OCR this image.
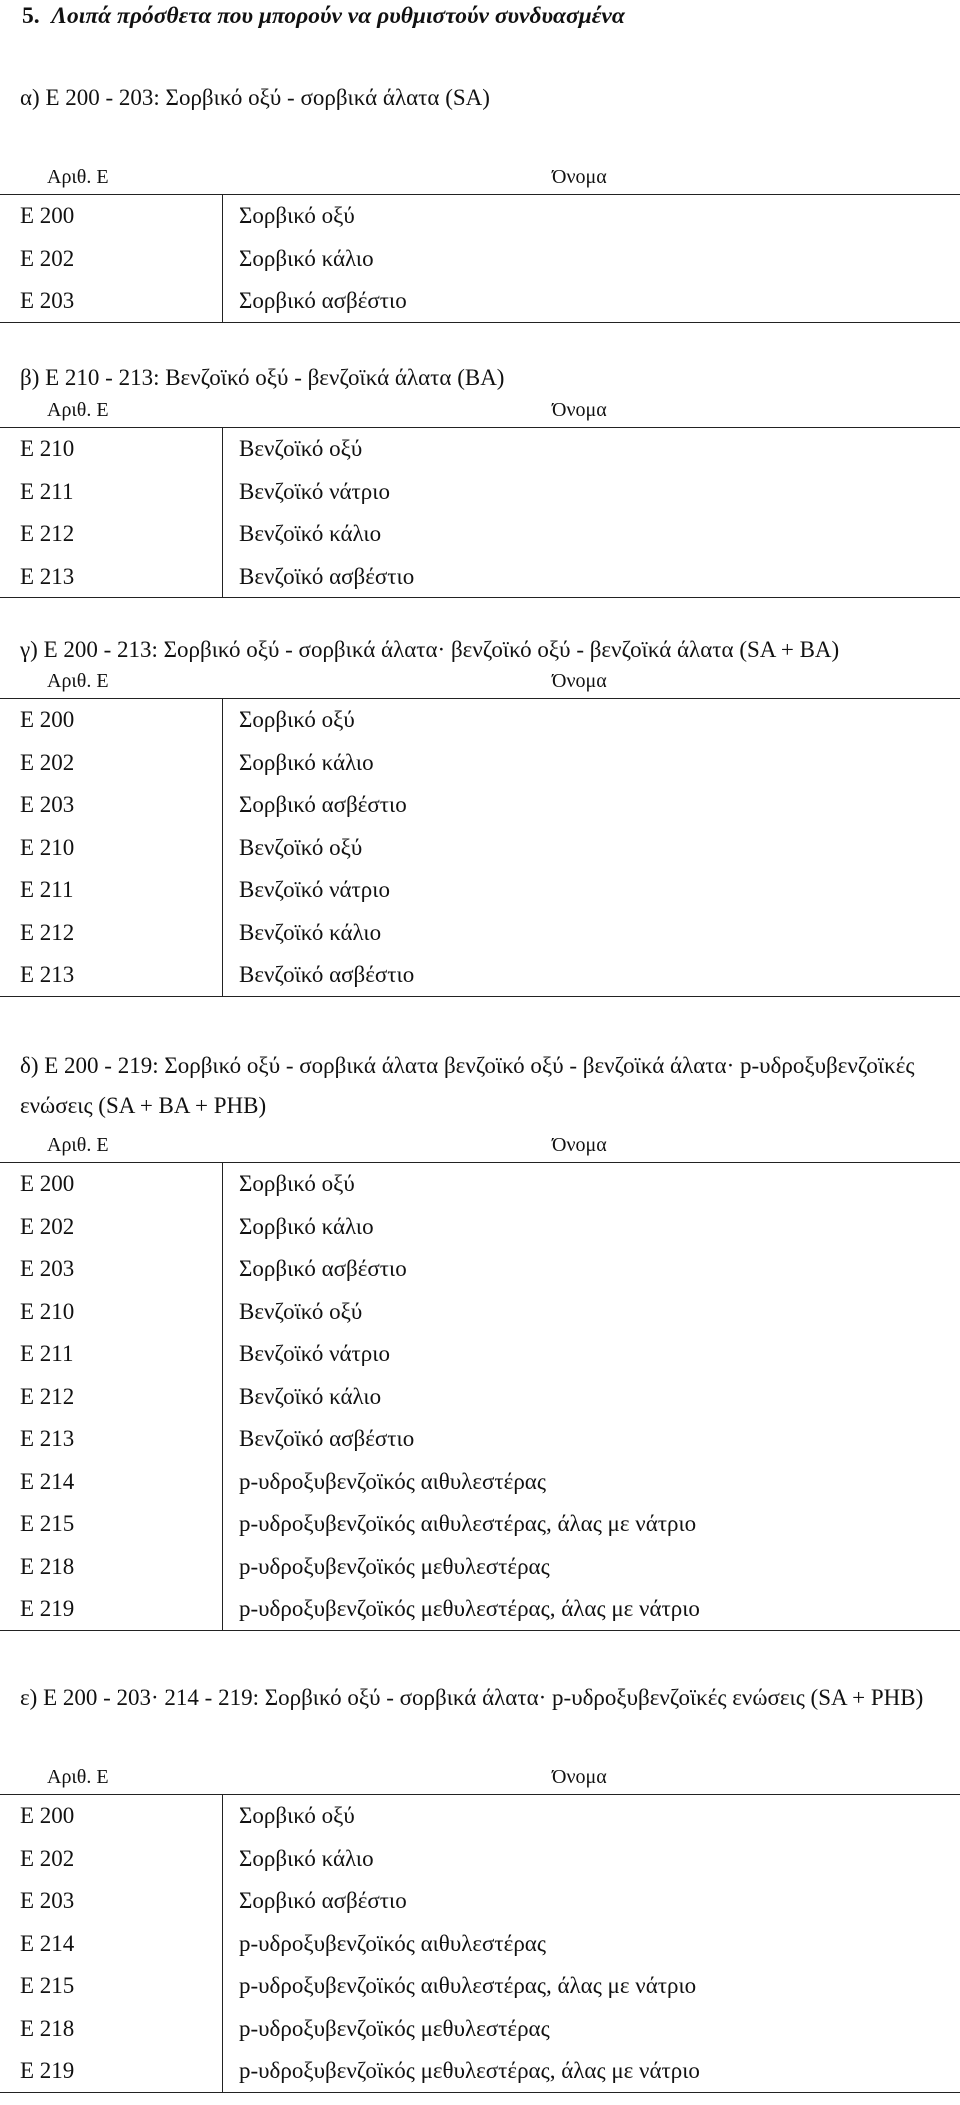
5. Λοιπά πρόσθετα που μπορούν να ρυθμιστούν συνδυασμένα
α) Ε 200 - 203: Σορβικό οξύ - σορβικά άλατα (SA)
Αριθ. Ε	Όνομα
Ε 200	Σορβικό οξύ
Ε 202	Σορβικό κάλιο
Ε 203	Σορβικό ασβέστιο
β) Ε 210 - 213: Βενζοϊκό οξύ - βενζοϊκά άλατα (ΒΑ)
Αριθ. Ε	Όνομα
Ε 210	Βενζοϊκό οξύ
Ε 211	Βενζοϊκό νάτριο
Ε 212	Βενζοϊκό κάλιο
Ε 213	Βενζοϊκό ασβέστιο
γ) Ε 200 - 213: Σορβικό οξύ - σορβικά άλατα· βενζοϊκό οξύ - βενζοϊκά άλατα (SA + BA)
Αριθ. Ε	Όνομα
Ε 200	Σορβικό οξύ
Ε 202	Σορβικό κάλιο
Ε 203	Σορβικό ασβέστιο
Ε 210	Βενζοϊκό οξύ
Ε 211	Βενζοϊκό νάτριο
Ε 212	Βενζοϊκό κάλιο
Ε 213	Βενζοϊκό ασβέστιο
δ) Ε 200 - 219: Σορβικό οξύ - σορβικά άλατα βενζοϊκό οξύ - βενζοϊκά άλατα· p-υδροξυβενζοϊκές ενώσεις (SA + BA + PHB)
Αριθ. Ε	Όνομα
Ε 200	Σορβικό οξύ
Ε 202	Σορβικό κάλιο
Ε 203	Σορβικό ασβέστιο
Ε 210	Βενζοϊκό οξύ
Ε 211	Βενζοϊκό νάτριο
Ε 212	Βενζοϊκό κάλιο
Ε 213	Βενζοϊκό ασβέστιο
Ε 214	p-υδροξυβενζοϊκός αιθυλεστέρας
Ε 215	p-υδροξυβενζοϊκός αιθυλεστέρας, άλας με νάτριο
Ε 218	p-υδροξυβενζοϊκός μεθυλεστέρας
Ε 219	p-υδροξυβενζοϊκός μεθυλεστέρας, άλας με νάτριο
ε) Ε 200 - 203· 214 - 219: Σορβικό οξύ - σορβικά άλατα· p-υδροξυβενζοϊκές ενώσεις (SA + PHB)
Αριθ. Ε	Όνομα
Ε 200	Σορβικό οξύ
Ε 202	Σορβικό κάλιο
Ε 203	Σορβικό ασβέστιο
Ε 214	p-υδροξυβενζοϊκός αιθυλεστέρας
Ε 215	p-υδροξυβενζοϊκός αιθυλεστέρας, άλας με νάτριο
Ε 218	p-υδροξυβενζοϊκός μεθυλεστέρας
Ε 219	p-υδροξυβενζοϊκός μεθυλεστέρας, άλας με νάτριο
